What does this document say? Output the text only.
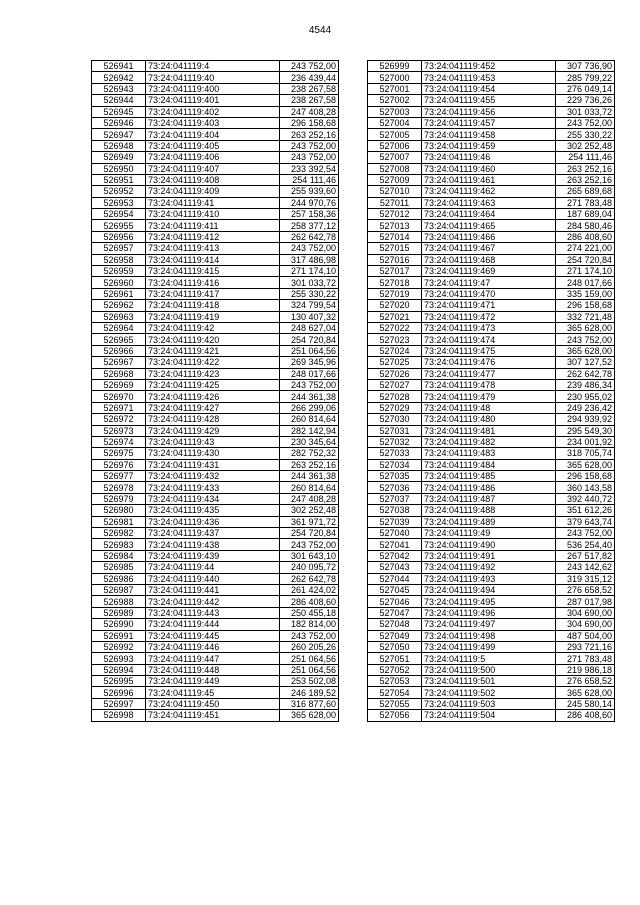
4544
526941	73:24:041119:4	243 752,00
526942	73:24:041119:40	236 439,44
526943	73:24:041119:400	238 267,58
526944	73:24:041119:401	238 267,58
526945	73:24:041119:402	247 408,28
526946	73:24:041119:403	296 158,68
526947	73:24:041119:404	263 252,16
526948	73:24:041119:405	243 752,00
526949	73:24:041119:406	243 752,00
526950	73:24:041119:407	233 392,54
526951	73:24:041119:408	254 111,46
526952	73:24:041119:409	255 939,60
526953	73:24:041119:41	244 970,76
526954	73:24:041119:410	257 158,36
526955	73:24:041119:411	258 377,12
526956	73:24:041119:412	262 642,78
526957	73:24:041119:413	243 752,00
526958	73:24:041119:414	317 486,98
526959	73:24:041119:415	271 174,10
526960	73:24:041119:416	301 033,72
526961	73:24:041119:417	255 330,22
526962	73:24:041119:418	324 799,54
526963	73:24:041119:419	130 407,32
526964	73:24:041119:42	248 627,04
526965	73:24:041119:420	254 720,84
526966	73:24:041119:421	251 064,56
526967	73:24:041119:422	269 345,96
526968	73:24:041119:423	248 017,66
526969	73:24:041119:425	243 752,00
526970	73:24:041119:426	244 361,38
526971	73:24:041119:427	266 299,06
526972	73:24:041119:428	260 814,64
526973	73:24:041119:429	282 142,94
526974	73:24:041119:43	230 345,64
526975	73:24:041119:430	282 752,32
526976	73:24:041119:431	263 252,16
526977	73:24:041119:432	244 361,38
526978	73:24:041119:433	260 814,64
526979	73:24:041119:434	247 408,28
526980	73:24:041119:435	302 252,48
526981	73:24:041119:436	361 971,72
526982	73:24:041119:437	254 720,84
526983	73:24:041119:438	243 752,00
526984	73:24:041119:439	301 643,10
526985	73:24:041119:44	240 095,72
526986	73:24:041119:440	262 642,78
526987	73:24:041119:441	261 424,02
526988	73:24:041119:442	286 408,60
526989	73:24:041119:443	250 455,18
526990	73:24:041119:444	182 814,00
526991	73:24:041119:445	243 752,00
526992	73:24:041119:446	260 205,26
526993	73:24:041119:447	251 064,56
526994	73:24:041119:448	251 064,56
526995	73:24:041119:449	253 502,08
526996	73:24:041119:45	246 189,52
526997	73:24:041119:450	316 877,60
526998	73:24:041119:451	365 628,00
526999	73:24:041119:452	307 736,90
527000	73:24:041119:453	285 799,22
527001	73:24:041119:454	276 049,14
527002	73:24:041119:455	229 736,26
527003	73:24:041119:456	301 033,72
527004	73:24:041119:457	243 752,00
527005	73:24:041119:458	255 330,22
527006	73:24:041119:459	302 252,48
527007	73:24:041119:46	254 111,46
527008	73:24:041119:460	263 252,16
527009	73:24:041119:461	263 252,16
527010	73:24:041119:462	265 689,68
527011	73:24:041119:463	271 783,48
527012	73:24:041119:464	187 689,04
527013	73:24:041119:465	284 580,46
527014	73:24:041119:466	286 408,60
527015	73:24:041119:467	274 221,00
527016	73:24:041119:468	254 720,84
527017	73:24:041119:469	271 174,10
527018	73:24:041119:47	248 017,66
527019	73:24:041119:470	335 159,00
527020	73:24:041119:471	296 158,68
527021	73:24:041119:472	332 721,48
527022	73:24:041119:473	365 628,00
527023	73:24:041119:474	243 752,00
527024	73:24:041119:475	365 628,00
527025	73:24:041119:476	307 127,52
527026	73:24:041119:477	262 642,78
527027	73:24:041119:478	239 486,34
527028	73:24:041119:479	230 955,02
527029	73:24:041119:48	249 236,42
527030	73:24:041119:480	294 939,92
527031	73:24:041119:481	295 549,30
527032	73:24:041119:482	234 001,92
527033	73:24:041119:483	318 705,74
527034	73:24:041119:484	365 628,00
527035	73:24:041119:485	296 158,68
527036	73:24:041119:486	360 143,58
527037	73:24:041119:487	392 440,72
527038	73:24:041119:488	351 612,26
527039	73:24:041119:489	379 643,74
527040	73:24:041119:49	243 752,00
527041	73:24:041119:490	536 254,40
527042	73:24:041119:491	267 517,82
527043	73:24:041119:492	243 142,62
527044	73:24:041119:493	319 315,12
527045	73:24:041119:494	276 658,52
527046	73:24:041119:495	287 017,98
527047	73:24:041119:496	304 690,00
527048	73:24:041119:497	304 690,00
527049	73:24:041119:498	487 504,00
527050	73:24:041119:499	293 721,16
527051	73:24:041119:5	271 783,48
527052	73:24:041119:500	219 986,18
527053	73:24:041119:501	276 658,52
527054	73:24:041119:502	365 628,00
527055	73:24:041119:503	245 580,14
527056	73:24:041119:504	286 408,60
